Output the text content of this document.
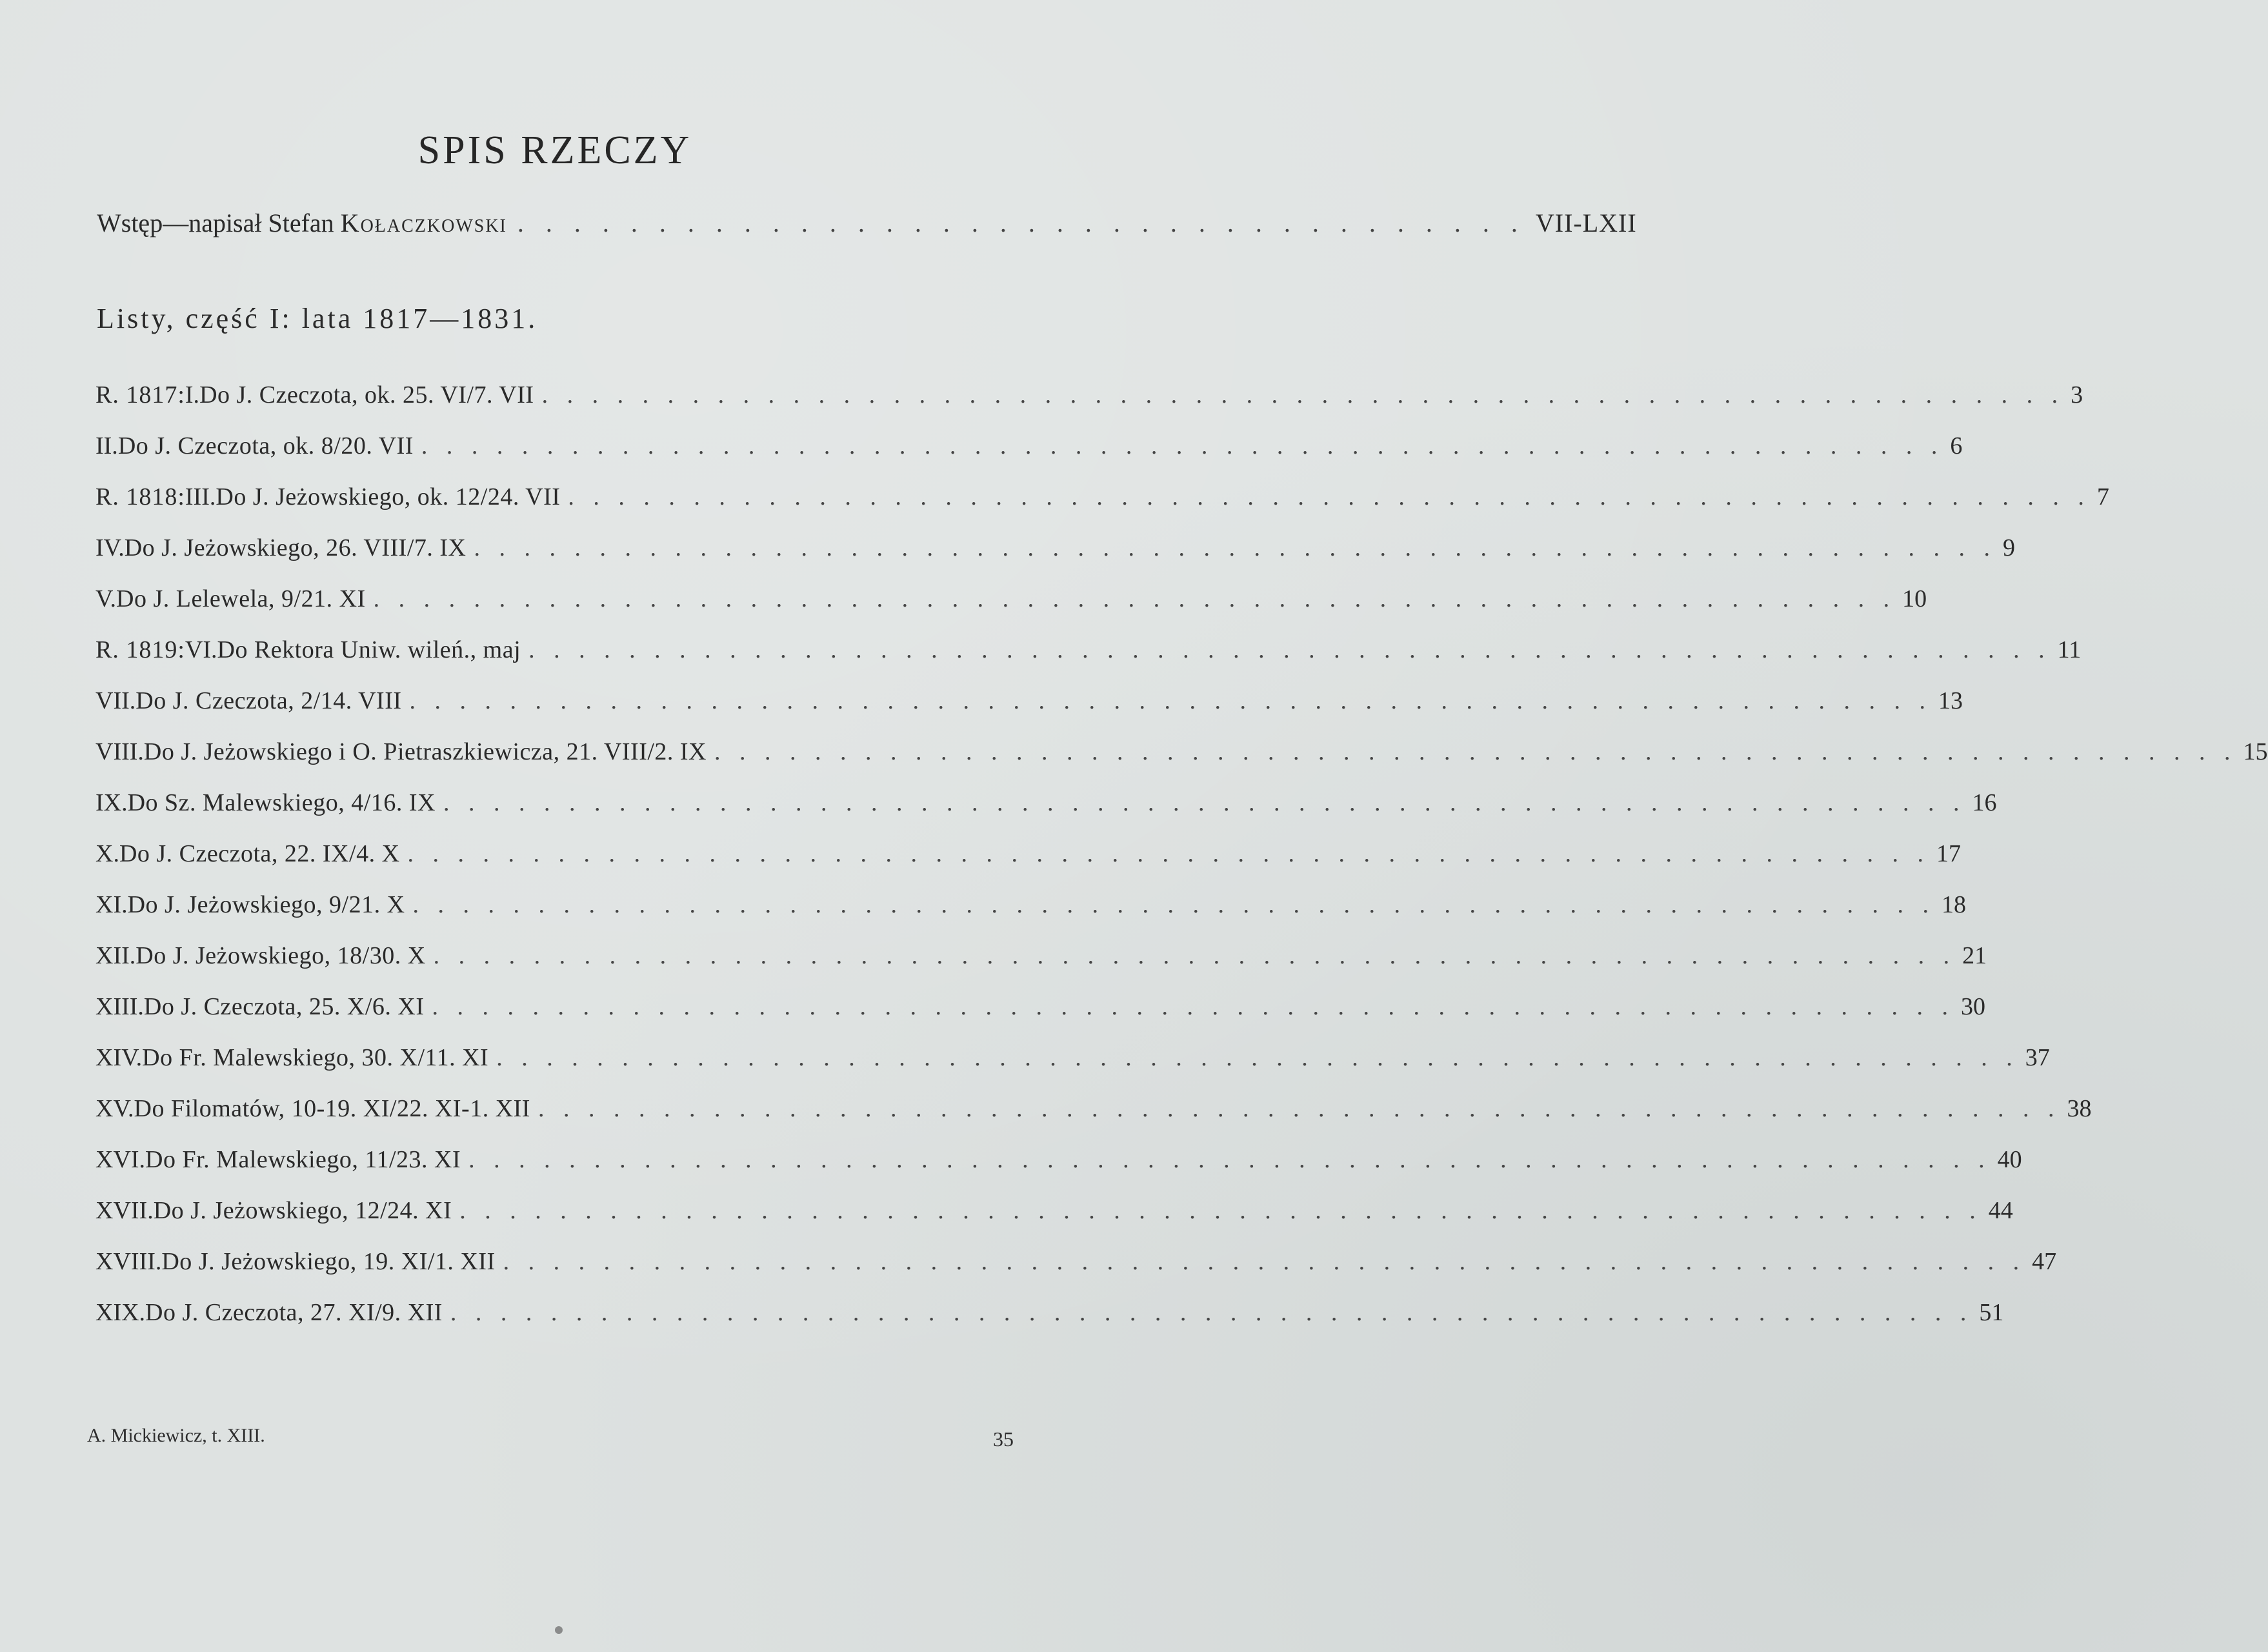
SPIS RZECZY
Wstęp—napisał Stefan Kołaczkowski . . . . . . . . . . . . . . . . . . . . . . . . . . . . . . . . . . . . VII-LXII
Listy, część I: lata 1817—1831.
R. 1817: I. Do J. Czeczota, ok. 25. VI/7. VII . . . . . . . . . . . . . . . . . . . . . . . . . . . . . . . . . . . . . . . . . . . . . . . . . . . . . . . . . . . . . 3
II. Do J. Czeczota, ok. 8/20. VII . . . . . . . . . . . . . . . . . . . . . . . . . . . . . . . . . . . . . . . . . . . . . . . . . . . . . . . . . . . . . 6
R. 1818: III. Do J. Jeżowskiego, ok. 12/24. VII . . . . . . . . . . . . . . . . . . . . . . . . . . . . . . . . . . . . . . . . . . . . . . . . . . . . . . . . . . . . . 7
IV. Do J. Jeżowskiego, 26. VIII/7. IX . . . . . . . . . . . . . . . . . . . . . . . . . . . . . . . . . . . . . . . . . . . . . . . . . . . . . . . . . . . . . 9
V. Do J. Lelewela, 9/21. XI . . . . . . . . . . . . . . . . . . . . . . . . . . . . . . . . . . . . . . . . . . . . . . . . . . . . . . . . . . . . . 10
R. 1819: VI. Do Rektora Uniw. wileń., maj . . . . . . . . . . . . . . . . . . . . . . . . . . . . . . . . . . . . . . . . . . . . . . . . . . . . . . . . . . . . . 11
VII. Do J. Czeczota, 2/14. VIII . . . . . . . . . . . . . . . . . . . . . . . . . . . . . . . . . . . . . . . . . . . . . . . . . . . . . . . . . . . . . 13
VIII. Do J. Jeżowskiego i O. Pietraszkiewicza, 21. VIII/2. IX . . . . . . . . . . . . . . . . . . . . . . . . . . . . . . . . . . . . . . . . . . . . . . . . . . . . . . . . . . . . . 15
IX. Do Sz. Malewskiego, 4/16. IX . . . . . . . . . . . . . . . . . . . . . . . . . . . . . . . . . . . . . . . . . . . . . . . . . . . . . . . . . . . . . 16
X. Do J. Czeczota, 22. IX/4. X . . . . . . . . . . . . . . . . . . . . . . . . . . . . . . . . . . . . . . . . . . . . . . . . . . . . . . . . . . . . . 17
XI. Do J. Jeżowskiego, 9/21. X . . . . . . . . . . . . . . . . . . . . . . . . . . . . . . . . . . . . . . . . . . . . . . . . . . . . . . . . . . . . . 18
XII. Do J. Jeżowskiego, 18/30. X . . . . . . . . . . . . . . . . . . . . . . . . . . . . . . . . . . . . . . . . . . . . . . . . . . . . . . . . . . . . . 21
XIII. Do J. Czeczota, 25. X/6. XI . . . . . . . . . . . . . . . . . . . . . . . . . . . . . . . . . . . . . . . . . . . . . . . . . . . . . . . . . . . . . 30
XIV. Do Fr. Malewskiego, 30. X/11. XI . . . . . . . . . . . . . . . . . . . . . . . . . . . . . . . . . . . . . . . . . . . . . . . . . . . . . . . . . . . . . 37
XV. Do Filomatów, 10-19. XI/22. XI-1. XII . . . . . . . . . . . . . . . . . . . . . . . . . . . . . . . . . . . . . . . . . . . . . . . . . . . . . . . . . . . . . 38
XVI. Do Fr. Malewskiego, 11/23. XI . . . . . . . . . . . . . . . . . . . . . . . . . . . . . . . . . . . . . . . . . . . . . . . . . . . . . . . . . . . . . 40
XVII. Do J. Jeżowskiego, 12/24. XI . . . . . . . . . . . . . . . . . . . . . . . . . . . . . . . . . . . . . . . . . . . . . . . . . . . . . . . . . . . . . 44
XVIII. Do J. Jeżowskiego, 19. XI/1. XII . . . . . . . . . . . . . . . . . . . . . . . . . . . . . . . . . . . . . . . . . . . . . . . . . . . . . . . . . . . . . 47
XIX. Do J. Czeczota, 27. XI/9. XII . . . . . . . . . . . . . . . . . . . . . . . . . . . . . . . . . . . . . . . . . . . . . . . . . . . . . . . . . . . . . 51
A. Mickiewicz, t. XIII.	35
